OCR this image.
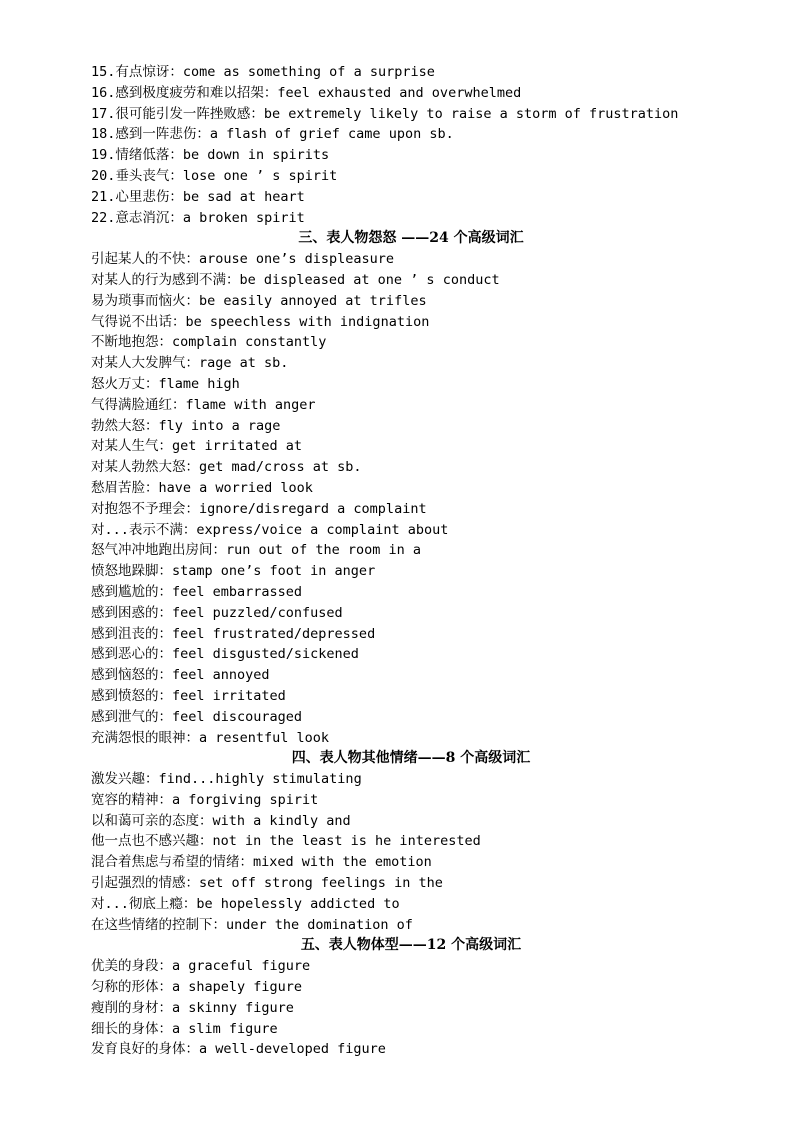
15.有点惊讶：come as something of a surprise
16.感到极度疲劳和难以招架：feel exhausted and overwhelmed
17.很可能引发一阵挫败感：be extremely likely to raise a storm of frustration
18.感到一阵悲伤：a flash of grief came upon sb.
19.情绪低落：be down in spirits
20.垂头丧气：lose one ’ s spirit
21.心里悲伤：be sad at heart
22.意志消沉：a broken spirit
三、表人物怨怒 ——24 个高级词汇
引起某人的不快：arouse one’s displeasure
对某人的行为感到不满：be displeased at one ’ s conduct
易为琐事而恼火：be easily annoyed at trifles
气得说不出话：be speechless with indignation
不断地抱怨：complain constantly
对某人大发脾气：rage at sb.
怒火万丈：flame high
气得满脸通红：flame with anger
勃然大怒：fly into a rage
对某人生气：get irritated at
对某人勃然大怒：get mad/cross at sb.
愁眉苦脸：have a worried look
对抱怨不予理会：ignore/disregard a complaint
对...表示不满：express/voice a complaint about
怒气冲冲地跑出房间：run out of the room in a
愤怒地跺脚：stamp one’s foot in anger
感到尴尬的：feel embarrassed
感到困惑的：feel puzzled/confused
感到沮丧的：feel frustrated/depressed
感到恶心的：feel disgusted/sickened
感到恼怒的：feel annoyed
感到愤怒的：feel irritated
感到泄气的：feel discouraged
充满怨恨的眼神：a resentful look
四、表人物其他情绪——8 个高级词汇
激发兴趣：find...highly stimulating
宽容的精神：a forgiving spirit
以和蔼可亲的态度：with a kindly and
他一点也不感兴趣：not in the least is he interested
混合着焦虑与希望的情绪：mixed with the emotion
引起强烈的情感：set off strong feelings in the
对...彻底上瘾：be hopelessly addicted to
在这些情绪的控制下：under the domination of
五、表人物体型——12 个高级词汇
优美的身段：a graceful figure
匀称的形体：a shapely figure
瘦削的身材：a skinny figure
细长的身体：a slim figure
发育良好的身体：a well-developed figure
